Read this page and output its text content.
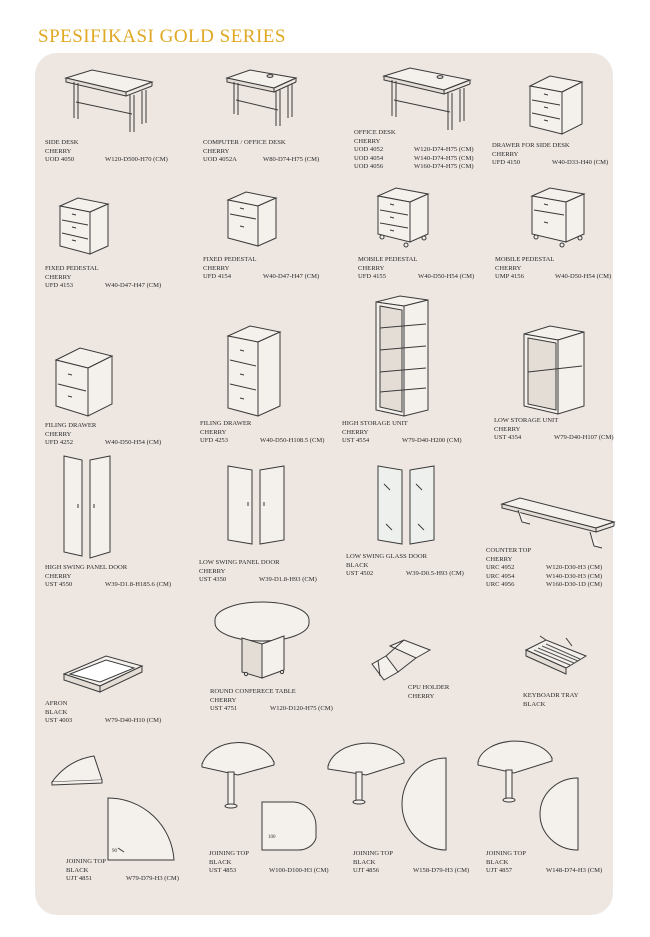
SPESIFIKASI GOLD SERIES
90
100
SIDE DESK
CHERRY
UOD 4050	W120-D500-H70 (CM)
COMPUTER / OFFICE DESK
CHERRY
UOD 4052A	W80-D74-H75 (CM)
OFFICE DESK
CHERRY
UOD 4052	W120-D74-H75 (CM)
UOD 4054	W140-D74-H75 (CM)
UOD 4056	W160-D74-H75 (CM)
DRAWER FOR SIDE DESK
CHERRY
UFD 4150	W40-D33-H40 (CM)
FIXED PEDESTAL
CHERRY
UFD 4153	W40-D47-H47 (CM)
FIXED PEDESTAL
CHERRY
UFD 4154	W40-D47-H47 (CM)
MOBILE PEDESTAL
CHERRY
UFD 4155	W40-D50-H54 (CM)
MOBILE PEDESTAL
CHERRY
UMP 4156	W40-D50-H54 (CM)
FILING DRAWER
CHERRY
UFD 4252	W40-D50-H54 (CM)
FILING DRAWER
CHERRY
UFD 4253	W40-D50-H108.5 (CM)
HIGH STORAGE UNIT
CHERRY
UST 4554	W79-D40-H200 (CM)
LOW STORAGE UNIT
CHERRY
UST 4354	W79-D40-H107 (CM)
HIGH SWING PANEL DOOR
CHERRY
UST 4550	W39-D1.8-H185.6 (CM)
LOW SWING PANEL DOOR
CHERRY
UST 4350	W39-D1.8-H93 (CM)
LOW SWING GLASS DOOR
BLACK
UST 4502	W39-D0.5-H93 (CM)
COUNTER TOP
CHERRY
URC 4952	W120-D30-H3 (CM)
URC 4954	W140-D30-H3 (CM)
URC 4956	W160-D30-1D (CM)
AFRON
BLACK
UST 4003	W79-D40-H10 (CM)
ROUND CONFERECE TABLE
CHERRY
UST 4751	W120-D120-H75 (CM)
CPU HOLDER
CHERRY	KEYBOADR TRAY
BLACK
JOINING TOP
BLACK
UJT 4851	W79-D79-H3 (CM)
JOINING TOP
BLACK
UST 4853	W100-D100-H3 (CM)
JOINING TOP
BLACK
UJT 4856	W158-D79-H3 (CM)
JOINING TOP
BLACK
UJT 4857	W148-D74-H3 (CM)
